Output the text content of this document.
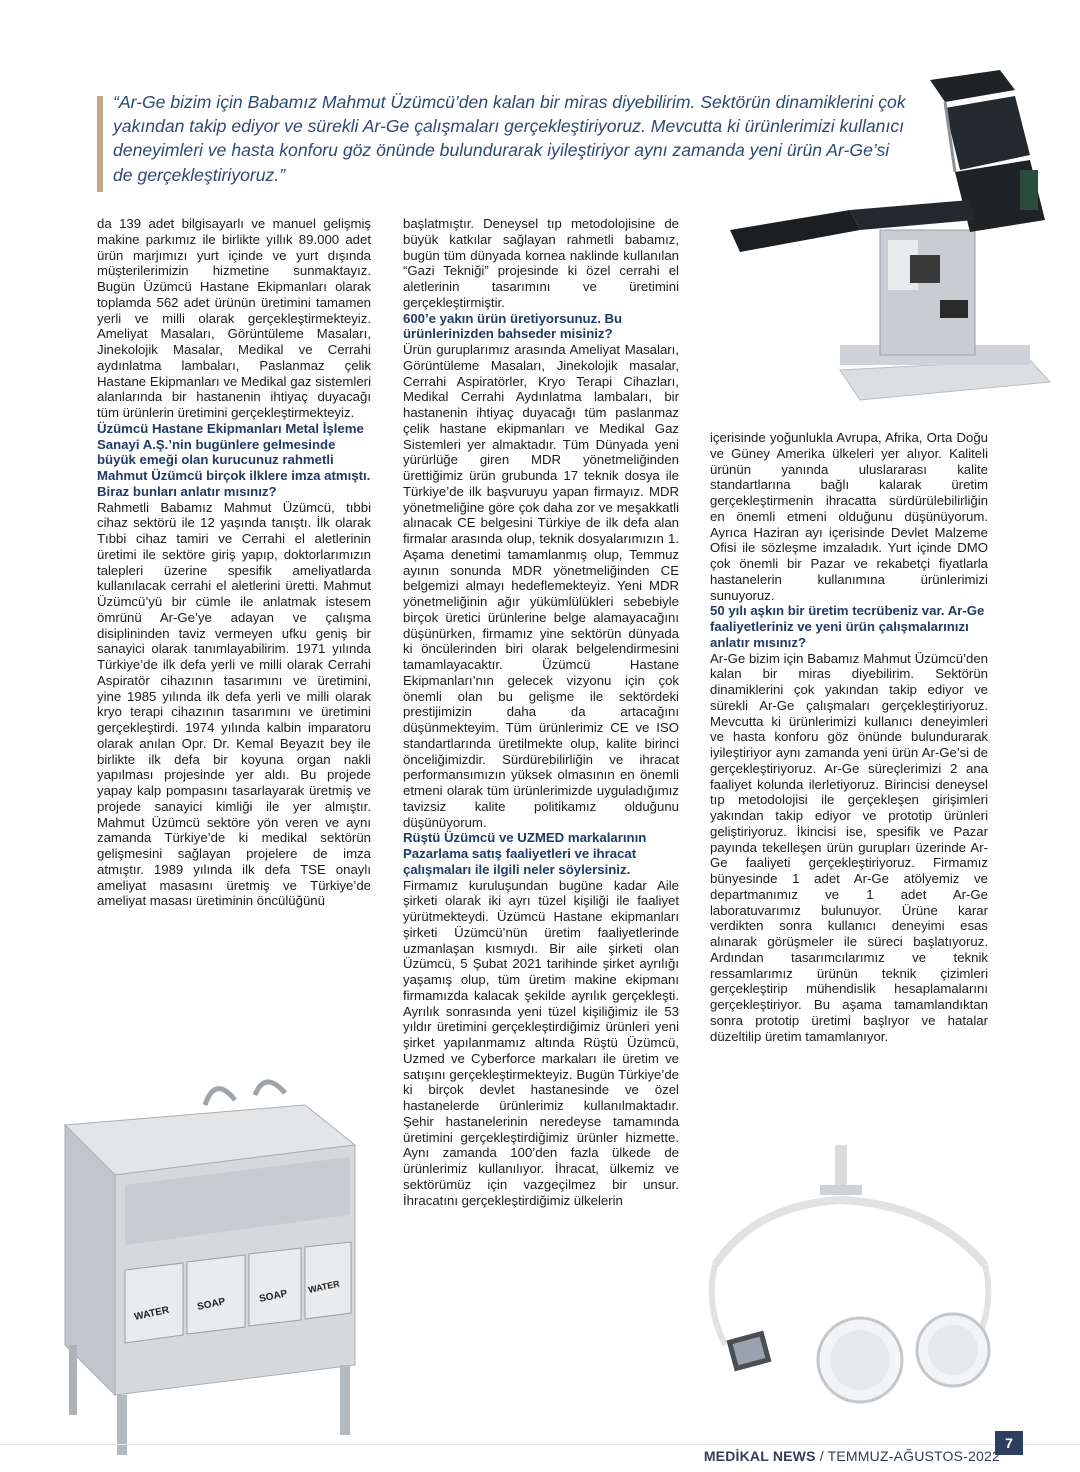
WATER
SOAP	SOAP
WATER

“Ar-Ge bizim için Babamız Mahmut Üzümcü’den kalan bir miras diyebilirim. Sektörün dinamiklerini çok yakından takip ediyor ve sürekli Ar-Ge çalışmaları gerçekleştiriyoruz. Mevcutta ki ürünlerimizi kullanıcı deneyimleri ve hasta konforu göz önünde bulundurarak iyileştiriyor aynı zamanda yeni ürün Ar-Ge’si de gerçekleştiriyoruz.”

da 139 adet bilgisayarlı ve manuel gelişmiş makine parkımız ile birlikte yıllık 89.000 adet ürün marjımızı yurt içinde ve yurt dışında müşterilerimizin hizmetine sunmaktayız. Bugün Üzümcü Hastane Ekipmanları olarak toplamda 562 adet ürünün üretimini tamamen yerli ve milli olarak gerçekleştirmekteyiz. Ameliyat Masaları, Görüntüleme Masaları, Jinekolojik Masalar, Medikal ve Cerrahi aydınlatma lambaları, Paslanmaz çelik Hastane Ekipmanları ve Medikal gaz sistemleri alanlarında bir hastanenin ihtiyaç duyacağı tüm ürünlerin üretimini gerçekleştirmekteyiz.

Üzümcü Hastane Ekipmanları Metal İşleme Sanayi A.Ş.’nin bugünlere gelmesinde büyük emeği olan kurucunuz rahmetli Mahmut Üzümcü birçok ilklere imza atmıştı. Biraz bunları anlatır mısınız?

Rahmetli Babamız Mahmut Üzümcü, tıbbi cihaz sektörü ile 12 yaşında tanıştı. İlk olarak Tıbbi cihaz tamiri ve Cerrahi el aletlerinin üretimi ile sektöre giriş yapıp, doktorlarımızın talepleri üzerine spesifik ameliyatlarda kullanılacak cerrahi el aletlerini üretti. Mahmut Üzümcü’yü bir cümle ile anlatmak istesem ömrünü Ar-Ge’ye adayan ve çalışma disiplininden taviz vermeyen ufku geniş bir sanayici olarak tanımlayabilirim. 1971 yılında Türkiye’de ilk defa yerli ve milli olarak Cerrahi Aspiratör cihazının tasarımını ve üretimini, yine 1985 yılında ilk defa yerli ve milli olarak kryo terapi cihazının tasarımını ve üretimini gerçekleştirdi. 1974 yılında kalbin imparatoru olarak anılan Opr. Dr. Kemal Beyazıt bey ile birlikte ilk defa bir koyuna organ nakli yapılması projesinde yer aldı. Bu projede yapay kalp pompasını tasarlayarak üretmiş ve projede sanayici kimliği ile yer almıştır. Mahmut Üzümcü sektöre yön veren ve aynı zamanda Türkiye’de ki medikal sektörün gelişmesini sağlayan projelere de imza atmıştır. 1989 yılında ilk defa TSE onaylı ameliyat masasını üretmiş ve Türkiye’de ameliyat masası üretiminin öncülüğünü

başlatmıştır. Deneysel tıp metodolojisine de büyük katkılar sağlayan rahmetli babamız, bugün tüm dünyada kornea naklinde kullanılan “Gazi Tekniği” projesinde ki özel cerrahi el aletlerinin tasarımını ve üretimini gerçekleştirmiştir.

600’e yakın ürün üretiyorsunuz. Bu ürünlerinizden bahseder misiniz?

Ürün guruplarımız arasında Ameliyat Masaları, Görüntüleme Masaları, Jinekolojik masalar, Cerrahi Aspiratörler, Kryo Terapi Cihazları, Medikal Cerrahi Aydınlatma lambaları, bir hastanenin ihtiyaç duyacağı tüm paslanmaz çelik hastane ekipmanları ve Medikal Gaz Sistemleri yer almaktadır. Tüm Dünyada yeni yürürlüğe giren MDR yönetmeliğinden ürettiğimiz ürün grubunda 17 teknik dosya ile Türkiye’de ilk başvuruyu yapan firmayız. MDR yönetmeliğine göre çok daha zor ve meşakkatli alınacak CE belgesini Türkiye de ilk defa alan firmalar arasında olup, teknik dosyalarımızın 1. Aşama denetimi tamamlanmış olup, Temmuz ayının sonunda MDR yönetmeliğinden CE belgemizi almayı hedeflemekteyiz. Yeni MDR yönetmeliğinin ağır yükümlülükleri sebebiyle birçok üretici ürünlerine belge alamayacağını düşünürken, firmamız yine sektörün dünyada ki öncülerinden biri olarak belgelendirmesini tamamlayacaktır. Üzümcü Hastane Ekipmanları’nın gelecek vizyonu için çok önemli olan bu gelişme ile sektördeki prestijimizin daha da artacağını düşünmekteyim. Tüm ürünlerimiz CE ve ISO standartlarında üretilmekte olup, kalite birinci önceliğimizdir. Sürdürebilirliğin ve ihracat performansımızın yüksek olmasının en önemli etmeni olarak tüm ürünlerimizde uyguladığımız tavizsiz kalite politikamız olduğunu düşünüyorum.

Rüştü Üzümcü ve UZMED markalarının Pazarlama satış faaliyetleri ve ihracat çalışmaları ile ilgili neler söylersiniz.

Firmamız kuruluşundan bugüne kadar Aile şirketi olarak iki ayrı tüzel kişiliği ile faaliyet yürütmekteydi. Üzümcü Hastane ekipmanları şirketi Üzümcü’nün üretim faaliyetlerinde uzmanlaşan kısmıydı. Bir aile şirketi olan Üzümcü, 5 Şubat 2021 tarihinde şirket ayrılığı yaşamış olup, tüm üretim makine ekipmanı firmamızda kalacak şekilde ayrılık gerçekleşti. Ayrılık sonrasında yeni tüzel kişiliğimiz ile 53 yıldır üretimini gerçekleştirdiğimiz ürünleri yeni şirket yapılanmamız altında Rüştü Üzümcü, Uzmed ve Cyberforce markaları ile üretim ve satışını gerçekleştirmekteyiz. Bugün Türkiye’de ki birçok devlet hastanesinde ve özel hastanelerde ürünlerimiz kullanılmaktadır. Şehir hastanelerinin neredeyse tamamında üretimini gerçekleştirdiğimiz ürünler hizmette. Aynı zamanda 100’den fazla ülkede de ürünlerimiz kullanılıyor. İhracat, ülkemiz ve sektörümüz için vazgeçilmez bir unsur. İhracatını gerçekleştirdiğimiz ülkelerin

içerisinde yoğunlukla Avrupa, Afrika, Orta Doğu ve Güney Amerika ülkeleri yer alıyor. Kaliteli ürünün yanında uluslararası kalite standartlarına bağlı kalarak üretim gerçekleştirmenin ihracatta sürdürülebilirliğin en önemli etmeni olduğunu düşünüyorum. Ayrıca Haziran ayı içerisinde Devlet Malzeme Ofisi ile sözleşme imzaladık. Yurt içinde DMO çok önemli bir Pazar ve rekabetçi fiyatlarla hastanelerin kullanımına ürünlerimizi sunuyoruz.

50 yılı aşkın bir üretim tecrübeniz var. Ar-Ge faaliyetleriniz ve yeni ürün çalışmalarınızı anlatır mısınız?

Ar-Ge bizim için Babamız Mahmut Üzümcü’den kalan bir miras diyebilirim. Sektörün dinamiklerini çok yakından takip ediyor ve sürekli Ar-Ge çalışmaları gerçekleştiriyoruz. Mevcutta ki ürünlerimizi kullanıcı deneyimleri ve hasta konforu göz önünde bulundurarak iyileştiriyor aynı zamanda yeni ürün Ar-Ge’si de gerçekleştiriyoruz. Ar-Ge süreçlerimizi 2 ana faaliyet kolunda ilerletiyoruz. Birincisi deneysel tıp metodolojisi ile gerçekleşen girişimleri yakından takip ediyor ve prototip ürünleri geliştiriyoruz. İkincisi ise, spesifik ve Pazar payında tekelleşen ürün gurupları üzerinde Ar-Ge faaliyeti gerçekleştiriyoruz. Firmamız bünyesinde 1 adet Ar-Ge atölyemiz ve departmanımız ve 1 adet Ar-Ge laboratuvarımız bulunuyor. Ürüne karar verdikten sonra kullanıcı deneyimi esas alınarak görüşmeler ile süreci başlatıyoruz. Ardından tasarımcılarımız ve teknik ressamlarımız ürünün teknik çizimleri gerçekleştirip mühendislik hesaplamalarını gerçekleştiriyor. Bu aşama tamamlandıktan sonra prototip üretimi başlıyor ve hatalar düzeltilip üretim tamamlanıyor.

7
MEDİKAL NEWS / TEMMUZ-AĞUSTOS-2022
